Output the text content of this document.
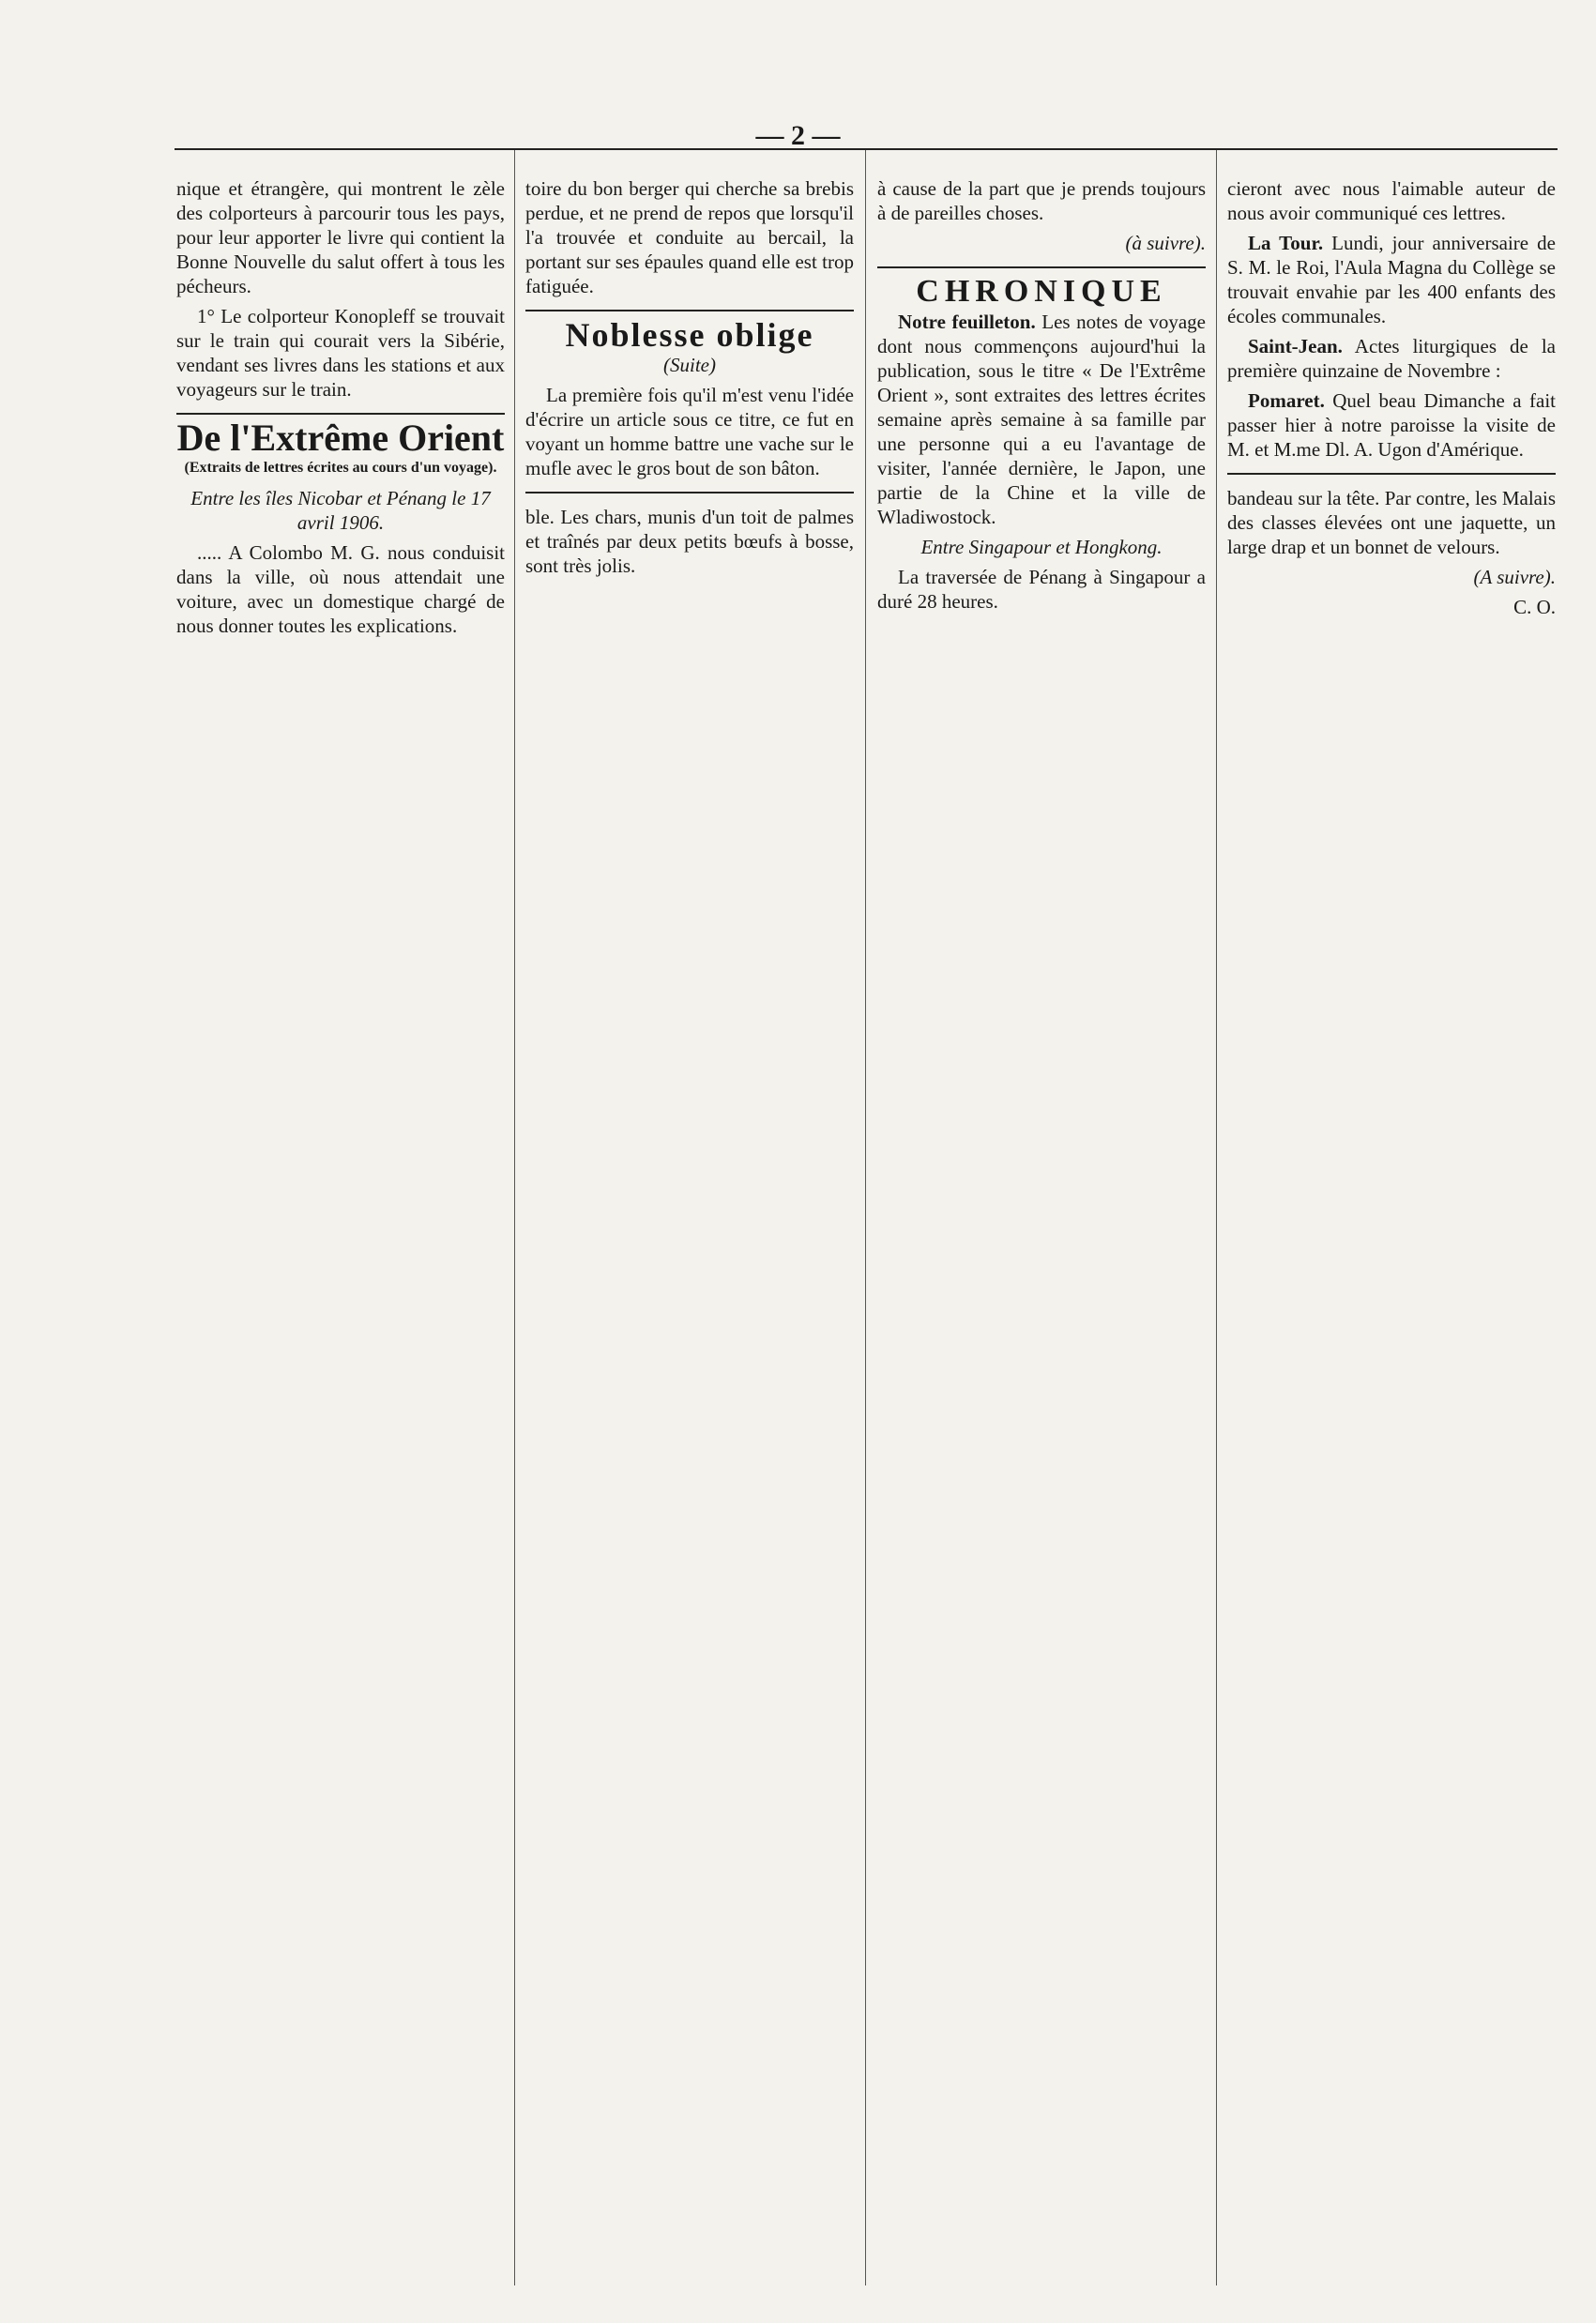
— 2 —

nique et étrangère, qui montrent le zèle des colporteurs à parcourir tous les pays, pour leur apporter le livre qui contient la Bonne Nouvelle du salut offert à tous les pécheurs.

1° Le colporteur Konopleff se trouvait sur le train qui courait vers la Sibérie, vendant ses livres dans les stations et aux voyageurs sur le train.

De l'Extrême Orient

(Extraits de lettres écrites au cours d'un voyage).

Entre les îles Nicobar et Pénang le 17 avril 1906.

..... A Colombo M. G. nous conduisit dans la ville, où nous attendait une voiture, avec un domestique chargé de nous donner toutes les explications.

toire du bon berger qui cherche sa brebis perdue, et ne prend de repos que lorsqu'il l'a trouvée et conduite au bercail, la portant sur ses épaules quand elle est trop fatiguée.

Noblesse oblige

(Suite)

La première fois qu'il m'est venu l'idée d'écrire un article sous ce titre, ce fut en voyant un homme battre une vache sur le mufle avec le gros bout de son bâton.

ble. Les chars, munis d'un toit de palmes et traînés par deux petits bœufs à bosse, sont très jolis.

à cause de la part que je prends toujours à de pareilles choses.

(à suivre).

CHRONIQUE

Notre feuilleton. Les notes de voyage dont nous commençons aujourd'hui la publication, sous le titre « De l'Extrême Orient », sont extraites des lettres écrites semaine après semaine à sa famille par une personne qui a eu l'avantage de visiter, l'année dernière, le Japon, une partie de la Chine et la ville de Wladiwostock.

Entre Singapour et Hongkong.

La traversée de Pénang à Singapour a duré 28 heures.

cieront avec nous l'aimable auteur de nous avoir communiqué ces lettres.

La Tour. Lundi, jour anniversaire de S. M. le Roi, l'Aula Magna du Collège se trouvait envahie par les 400 enfants des écoles communales.

Saint-Jean. Actes liturgiques de la première quinzaine de Novembre :

Pomaret. Quel beau Dimanche a fait passer hier à notre paroisse la visite de M. et M.me Dl. A. Ugon d'Amérique.

bandeau sur la tête. Par contre, les Malais des classes élevées ont une jaquette, un large drap et un bonnet de velours.

(A suivre).

C. O.
